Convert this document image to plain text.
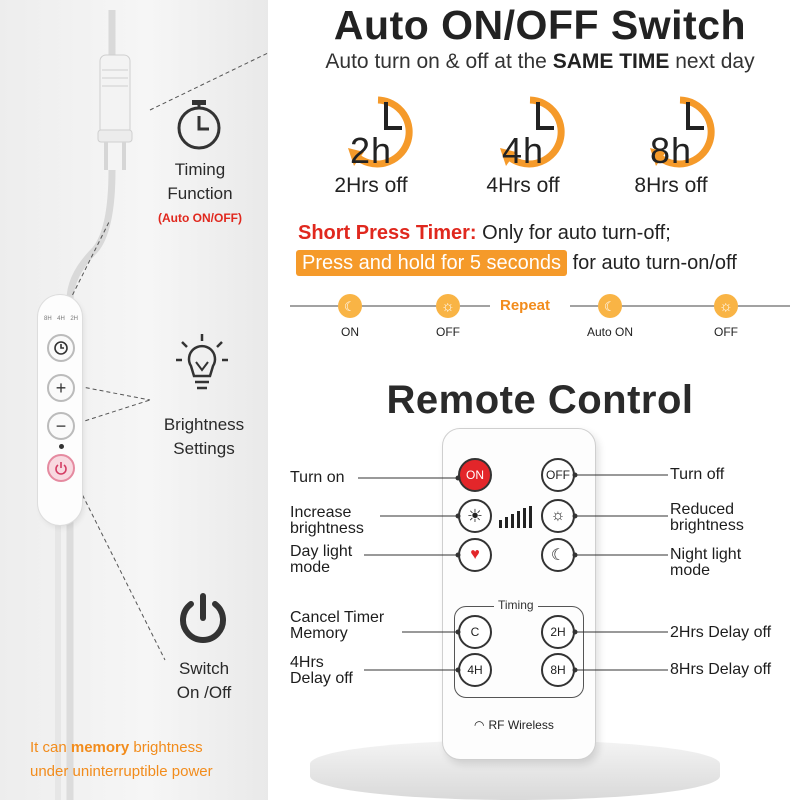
8H 4H 2H
+
−
Timing
Function
(Auto ON/OFF)
Brightness
Settings
Switch
On /Off
It can memory brightness
under uninterruptible power
Auto ON/OFF Switch
Auto turn on & off at the SAME TIME next day
2h
2Hrs off
4h
4Hrs off
8h
8Hrs off
Short Press Timer: Only for auto turn-off;
Press and hold for 5 seconds for auto turn-on/off
☾	☼	☾	☼
Repeat
ON	OFF	Auto ON	OFF
Remote Control
ON	OFF
☀	☼
♥	☾
Timing
C	2H
4H	8H
◠ RF Wireless
Turn on
Increase
brightness
Day light
mode
Cancel Timer
Memory
4Hrs
Delay off
Turn off
Reduced
brightness
Night light
mode
2Hrs Delay off
8Hrs Delay off
